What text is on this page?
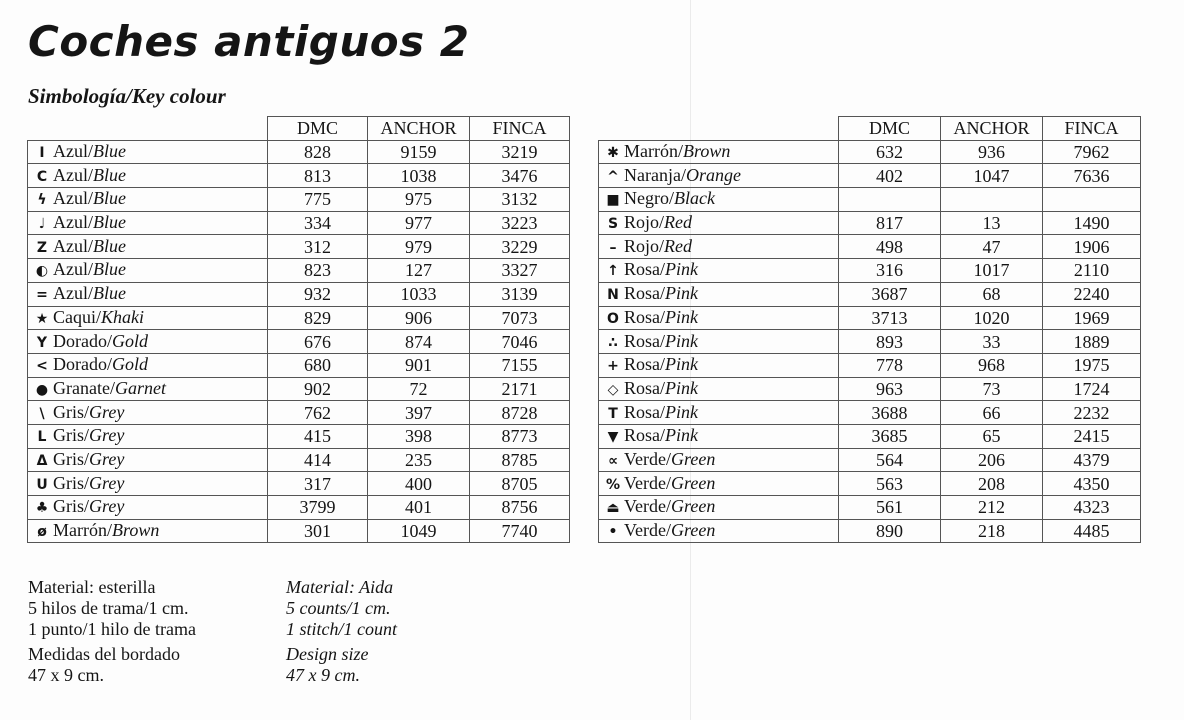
Coches antiguos 2
Simbología/Key colour
	DMC	ANCHOR	FINCA
I Azul/Blue	828	9159	3219
C Azul/Blue	813	1038	3476
ϟ Azul/Blue	775	975	3132
♩ Azul/Blue	334	977	3223
Z Azul/Blue	312	979	3229
◐ Azul/Blue	823	127	3327
= Azul/Blue	932	1033	3139
★ Caqui/Khaki	829	906	7073
Y Dorado/Gold	676	874	7046
< Dorado/Gold	680	901	7155
● Granate/Garnet	902	72	2171
\ Gris/Grey	762	397	8728
L Gris/Grey	415	398	8773
Δ Gris/Grey	414	235	8785
U Gris/Grey	317	400	8705
♣ Gris/Grey	3799	401	8756
ø Marrón/Brown	301	1049	7740
	DMC	ANCHOR	FINCA
✱ Marrón/Brown	632	936	7962
^ Naranja/Orange	402	1047	7636
■ Negro/Black			
S Rojo/Red	817	13	1490
– Rojo/Red	498	47	1906
↑ Rosa/Pink	316	1017	2110
N Rosa/Pink	3687	68	2240
O Rosa/Pink	3713	1020	1969
∴ Rosa/Pink	893	33	1889
+ Rosa/Pink	778	968	1975
◇ Rosa/Pink	963	73	1724
T Rosa/Pink	3688	66	2232
▼ Rosa/Pink	3685	65	2415
∝ Verde/Green	564	206	4379
% Verde/Green	563	208	4350
⏏ Verde/Green	561	212	4323
• Verde/Green	890	218	4485
Material: esterilla
5 hilos de trama/1 cm.
1 punto/1 hilo de trama
Medidas del bordado
47 x 9 cm.
Material: Aida
5 counts/1 cm.
1 stitch/1 count
Design size
47 x 9 cm.
